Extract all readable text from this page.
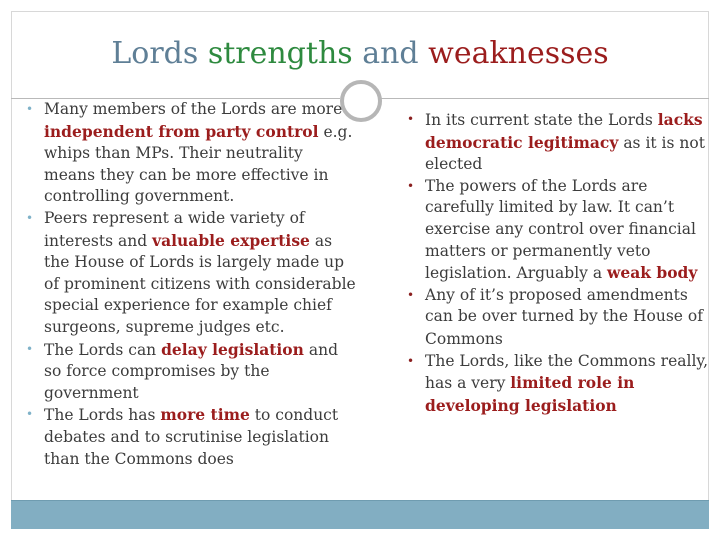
Lords strengths and weaknesses
• Many members of the Lords are more independent from party control e.g. whips than MPs. Their neutrality means they can be more effective in controlling government.
• Peers represent a wide variety of interests and valuable expertise as the House of Lords is largely made up of prominent citizens with considerable special experience for example chief surgeons, supreme judges etc.
• The Lords can delay legislation and so force compromises by the government
• The Lords has more time to conduct debates and to scrutinise legislation than the Commons does
• In its current state the Lords lacks democratic legitimacy as it is not elected
• The powers of the Lords are carefully limited by law. It can’t exercise any control over financial matters or permanently veto legislation. Arguably a weak body
• Any of it’s proposed amendments can be over turned by the House of Commons
• The Lords, like the Commons really, has a very limited role in developing legislation
